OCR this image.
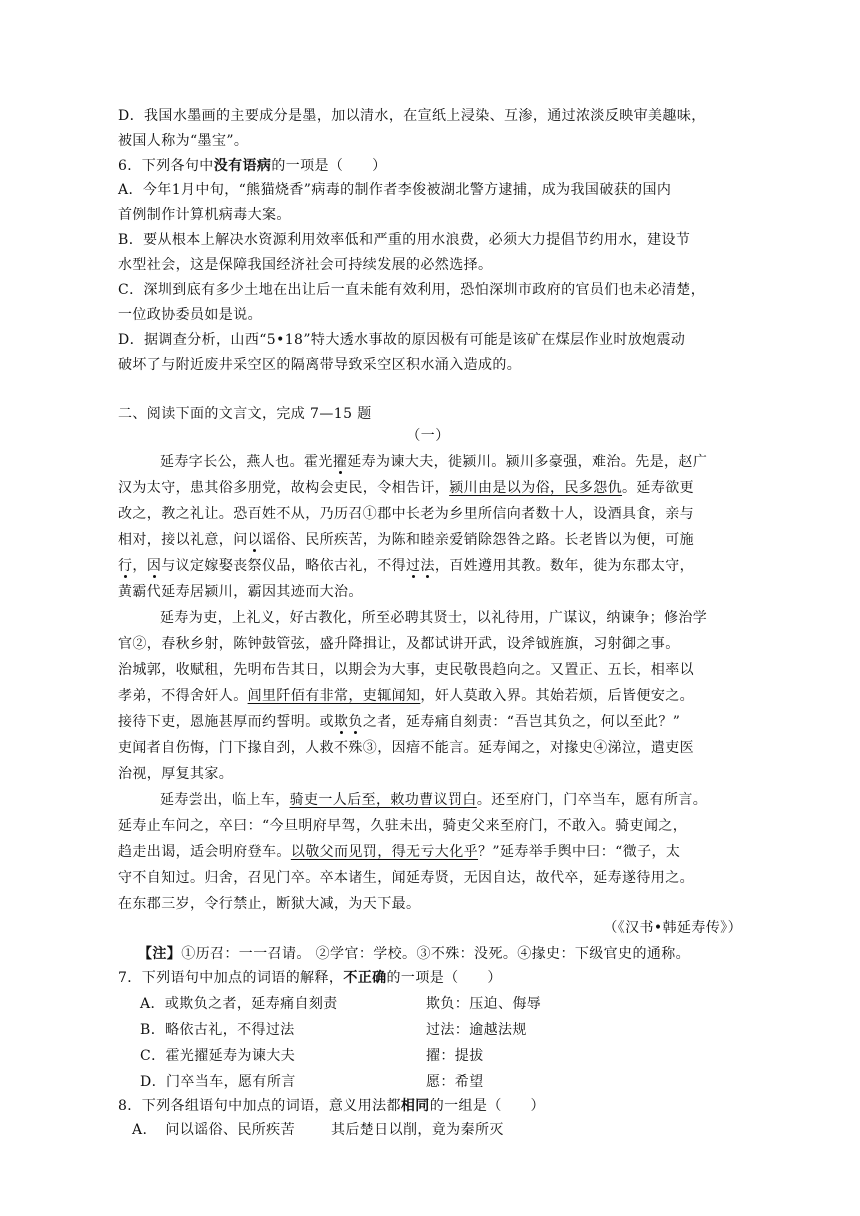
D．我国水墨画的主要成分是墨，加以清水，在宣纸上浸染、互渗，通过浓淡反映审美趣味，
被国人称为“墨宝”。
6．下列各句中没有语病的一项是（　　）
A．今年1月中旬，“熊猫烧香”病毒的制作者李俊被湖北警方逮捕，成为我国破获的国内
首例制作计算机病毒大案。
B．要从根本上解决水资源利用效率低和严重的用水浪费，必须大力提倡节约用水，建设节
水型社会，这是保障我国经济社会可持续发展的必然选择。
C．深圳到底有多少土地在出让后一直未能有效利用，恐怕深圳市政府的官员们也未必清楚，
一位政协委员如是说。
D．据调查分析，山西“5•18”特大透水事故的原因极有可能是该矿在煤层作业时放炮震动
破坏了与附近废井采空区的隔离带导致采空区积水涌入造成的。
二、阅读下面的文言文，完成 7—15 题
（一）
延寿字长公，燕人也。霍光擢延寿为谏大夫，徙颍川。颍川多豪强，难治。先是，赵广
汉为太守，患其俗多朋党，故构会吏民，令相告讦，颍川由是以为俗，民多怨仇。延寿欲更
改之，教之礼让。恐百姓不从，乃历召①郡中长老为乡里所信向者数十人，设酒具食，亲与
相对，接以礼意，问以谣俗、民所疾苦，为陈和睦亲爱销除怨咎之路。长老皆以为便，可施
行，因与议定嫁娶丧祭仪品，略依古礼，不得过法，百姓遵用其教。数年，徙为东郡太守，
黄霸代延寿居颍川，霸因其迹而大治。
延寿为吏，上礼义，好古教化，所至必聘其贤士，以礼待用，广谋议，纳谏争；修治学
官②，春秋乡射，陈钟鼓管弦，盛升降揖让，及都试讲开武，设斧钺旌旗，习射御之事。
治城郭，收赋租，先明布告其日，以期会为大事，吏民敬畏趋向之。又置正、五长，相率以
孝弟，不得舍奸人。闾里阡佰有非常，吏辄闻知，奸人莫敢入界。其始若烦，后皆便安之。
接待下吏，恩施甚厚而约誓明。或欺负之者，延寿痛自刻责：“吾岂其负之，何以至此？”
吏闻者自伤悔，门下掾自刭，人救不殊③，因瘖不能言。延寿闻之，对掾史④涕泣，遣吏医
治视，厚复其家。
延寿尝出，临上车，骑吏一人后至，敕功曹议罚白。还至府门，门卒当车，愿有所言。
延寿止车问之，卒曰：“今旦明府早驾，久驻未出，骑吏父来至府门，不敢入。骑吏闻之，
趋走出谒，适会明府登车。以敬父而见罚，得无亏大化乎？”延寿举手舆中曰：“微子，太
守不自知过。归舍，召见门卒。卒本诸生，闻延寿贤，无因自达，故代卒，延寿遂待用之。
在东郡三岁，令行禁止，断狱大减，为天下最。
（《汉书•韩延寿传》）
【注】①历召：一一召请。 ②学官：学校。③不殊：没死。④掾史：下级官史的通称。
7．下列语句中加点的词语的解释，不正确的一项是（　　）
A．或欺负之者，延寿痛自刻责	欺负：压迫、侮辱
B．略依古礼，不得过法	过法：逾越法规
C．霍光擢延寿为谏大夫	擢：提拔
D．门卒当车，愿有所言	愿：希望
8．下列各组语句中加点的词语，意义用法都相同的一组是（　　）
A. 问以谣俗、民所疾苦	其后楚日以削，竟为秦所灭
